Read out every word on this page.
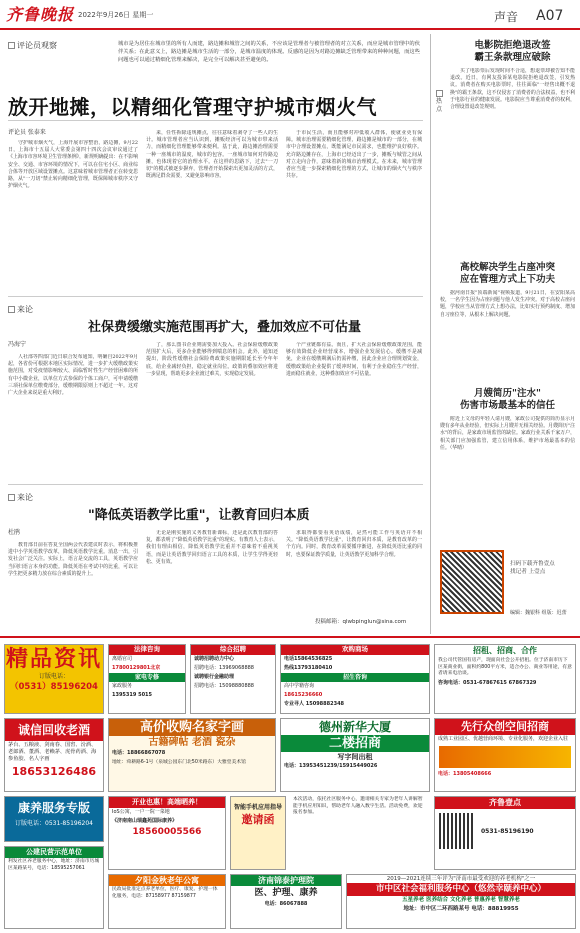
齐鲁晚报 2022年9月26日 星期一	声音 A07
评论员观察	城市是为居住在城市里的所有人而建，路边摊和城管之间的关系，不应该是管理者与被管理者的对立关系，而应是城市管理中的伙伴关系；在此意义上，路边摊是城市生活的一部分，是城市温度的体现。反感的是因为对路边摊缺乏管理带来的种种问题，而这些问题也可以通过精细化管理来解决，是完全可以解决甚至避免的。
放开地摊，以精细化管理守护城市烟火气
评论员 张泰来

守护城市烟火气，上海开展市容整治，路边摊，9月22日，上海市十五届人大常委会第四十四次会议审议通过了《上海市市容环境卫生管理条例》，新规明确提出：在不影响安全、交通、市容环境的情况下，可以在住宅小区、商业综合体等开放区域设置摊点。这意味着城市管理者正在转变思路，从"一刀切"禁止转向精细化管理，既保障城市秩序又守护烟火气。

来，任性拆除违规摊点，往往意味着剥夺了一些人的生计。城市管理者应当认识到，摊贩经济可以为城市带来活力，而精细化管理能够带来便利。基于此，路边摊治理需要一种一座城市的温度，城市的包容。一座城市如何对待路边摊，也体现着它的治理水平。在这样的思路下，过去"一刀切"的模式被逐步摒弃，管理者开始探索出更加灵活的方式，既满足群众需要，又避免影响市容。

于市民生活，而且能够对冲低收入群体，使就业更有保障。城市治理需要精细化管理，路边摊是城市的一部分，在城市中合理设置摊点，既能满足市民需求，也能维护良好秩序。允许路边摊存在，上海市已经迈出了一步，摊贩与城管之间从对立走向合作，意味着新的城市治理模式。在未来，城市管理者应当进一步探索精细化管理的方式，让城市的烟火气与秩序共存。

来论
社保费缓缴实施范围再扩大，叠加效应不可估量
冯海宁

人社部等四部门近日联合发布通知，明确自2022年9月起，各省份可根据本地区实际情况，进一步扩大缓缴政策实施范围，对受疫情影响较大、面临暂时性生产经营困难的所有中小微企业，以单位方式参保的个体工商户，可申请缓缴三项社保单位缴费部分，缓缴期限原则上不超过一年。这对广大企业来说是重大利好。

了，那么图书企业则需要加大投入。社会保险缓缴政策范围扩大后，更多企业能够得到喘息的机会。此外，通知还提出，阶段性缓缴社会保险费政策实施期限延长至今年年底，给企业减轻负担，稳定就业岗位。政策的叠加效应将进一步显现，帮助更多企业渡过难关，实现稳定发展。

个产业链都有益。而且，扩大社会保险缓缴政策范围，能够有效降低企业经营成本，增强企业发展信心。缓缴不是减免，企业在缓缴期满后仍需补缴，因此企业应合理规划资金，缓缴政策给企业提供了缓冲时间，有利于企业稳住生产经营，进而稳住就业，这种叠加效应不可估量。

来论
"降低英语教学比重"，让教育回归本质
杜鹃

教育部日前在答复全国两会代表建议时表示，将积极推进中小学英语教学改革，降低英语教学比重。消息一出，引发社会广泛关注。实际上，语言是交流的工具，英语教学应当回归语言本身的功能。降低英语在考试中的比重，可以让学生把更多精力放在综合素质的提升上。

无论是刚实施的义务教育新课标，还是此次教育部的答复，都表明了"降低英语教学比重"的现实。有教育人士表示，我们有理由相信，降低英语教学比重并不意味着不重视英语，而是让英语教学回归语言工具的本质，让学生学得更轻松、更有效。

求取得都要看英语成绩，是然可能工作与英语并不相关。"降低英语教学比重"，让教育回归本质，是教育改革的一个方向。同时，教育改革需要循序渐进，在降低英语比重的同时，也要保证教学质量，让英语教学更加科学合理。

投稿邮箱：qlwbpinglun@sina.com
热点
电影院拒绝退改签
霸王条款理应破除

买了电影票后发现时间不合适，想退票却被告知不能退改。近日，有网友投诉某电影院拒绝退改签，引发热议。消费者在购买电影票时，往往面临"一经售出概不退换"的霸王条款，这不仅侵害了消费者的合法权益，也不利于电影行业的健康发展。电影院应当尊重消费者的权利，合理设置退改签规则。

高校解决学生占座冲突
应在管理方式上下功夫

据河南日报"顶端新闻"视频报道，9月21日，在安阳某高校，一名学生因为占座问题与他人发生冲突。对于高校占座问题，学校应当从管理方式上想办法，比如实行预约制度、增加自习座位等，从根本上解决问题。

月嫂简历"注水"
伤害市场最基本的信任

附近上文母的年轻人请月嫂，家政公司提供的简历显示月嫂有多年从业经验，但实际上月嫂并无相关经验。月嫂简历"注水"的背后，是家政市场监管的缺位。家政行业关系千家万户，相关部门应加强监管，建立信用体系，维护市场最基本的信任。（华晴）

扫码下载齐鲁壹点
找记者 上壹点
编辑：魏银科 组版：迟蕾
精品资讯
订版电话：
（0531）85196204
法律咨询
离婚官司
17800129801北京
家电专修
家政服务
1395319 5015
综合招聘
诚聘招聘动力中心
招聘电话：13969068888
诚聘银行金融助理
招聘电话：15098880888
欢购商场
电话15864536825
热线13793180410
招生咨询
高中学籍咨询
18615236660
专业寻人 15098882348
招租、招商、合作
我公司代管国有房产，现面向社会公开招租。位于济南市历下区某商业街，面积约800平方米，适合办公、商业等用途，有意者请来电洽谈。
咨询电话：0531-67867615 67867329
诚信回收老酒
茅台、五粮液、剑南春、国窖、汾酒、老郎酒、董酒、老赖茅、虎骨药酒、海参鱼胶、名人字画
18653126486
高价收购名家字画
古籍碑帖 老酒 瓷杂
电话：18866867078
地址：舜耕路6-1号（泉城公园东门北50米路东）大雅堂美术馆
德州新华大厦
二楼招商
写字间出租
电话：13953451239/15915449026
先行众创空间招商
成熟工业园区、优越营商环境、专业化服务，欢迎企业入驻
电话：13805408666
康养服务专版
订版电话：0531-85196204
开业也惠！高端晒养！
IoS公寓，一户一院一菜地
《济南南山瑞鑫苑国际康养》
18560005566
智能手机应用指导
邀请函
本次活动，依托社区服务中心，邀请相关专家为老年人讲解智能手机应用知识，帮助老年人融入数字生活。活动免费，欢迎报名参加。
齐鲁壹点
0531-85196190
公建民营示范单位
利发社区养老服务中心，地址：济南市历城区某路某号，电话：18595257061
夕阳金秋老年公寓
民政局批准定点养老单位，医疗、康复、护理一体化服务，电话：87158977 87159877
济南锦泰护理院
医、护理、康养
电话：86067888
2019—2021连续三年评为"济南市最受欢迎的养老机构"之一
市中区社会福利服务中心（悠然幸颐养中心）
五星养老 医养结合 文化养老 普惠养老 智慧养老
地址：市中区二环西路某号 电话：88819955
